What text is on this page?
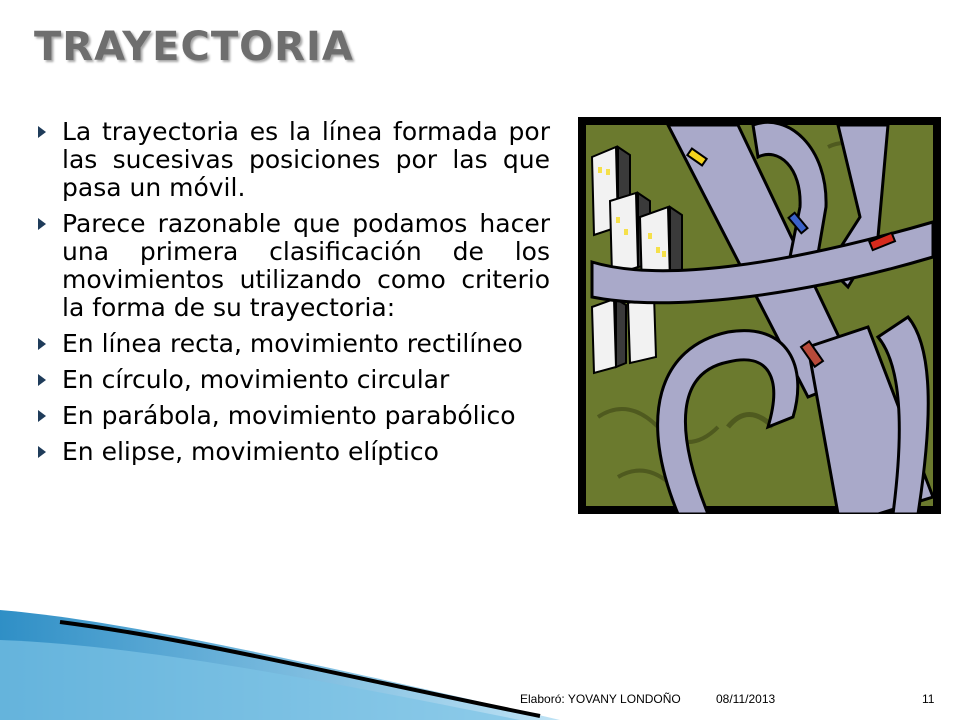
TRAYECTORIA
La trayectoria es la línea formada por las sucesivas posiciones por las que pasa un móvil.
Parece razonable que podamos hacer una primera clasificación de los movimientos utilizando como criterio la forma de su trayectoria:
En línea recta, movimiento rectilíneo
En círculo, movimiento circular
En parábola, movimiento parabólico
En elipse, movimiento elíptico
Elaboró: YOVANY LONDOÑO	08/11/2013	11
